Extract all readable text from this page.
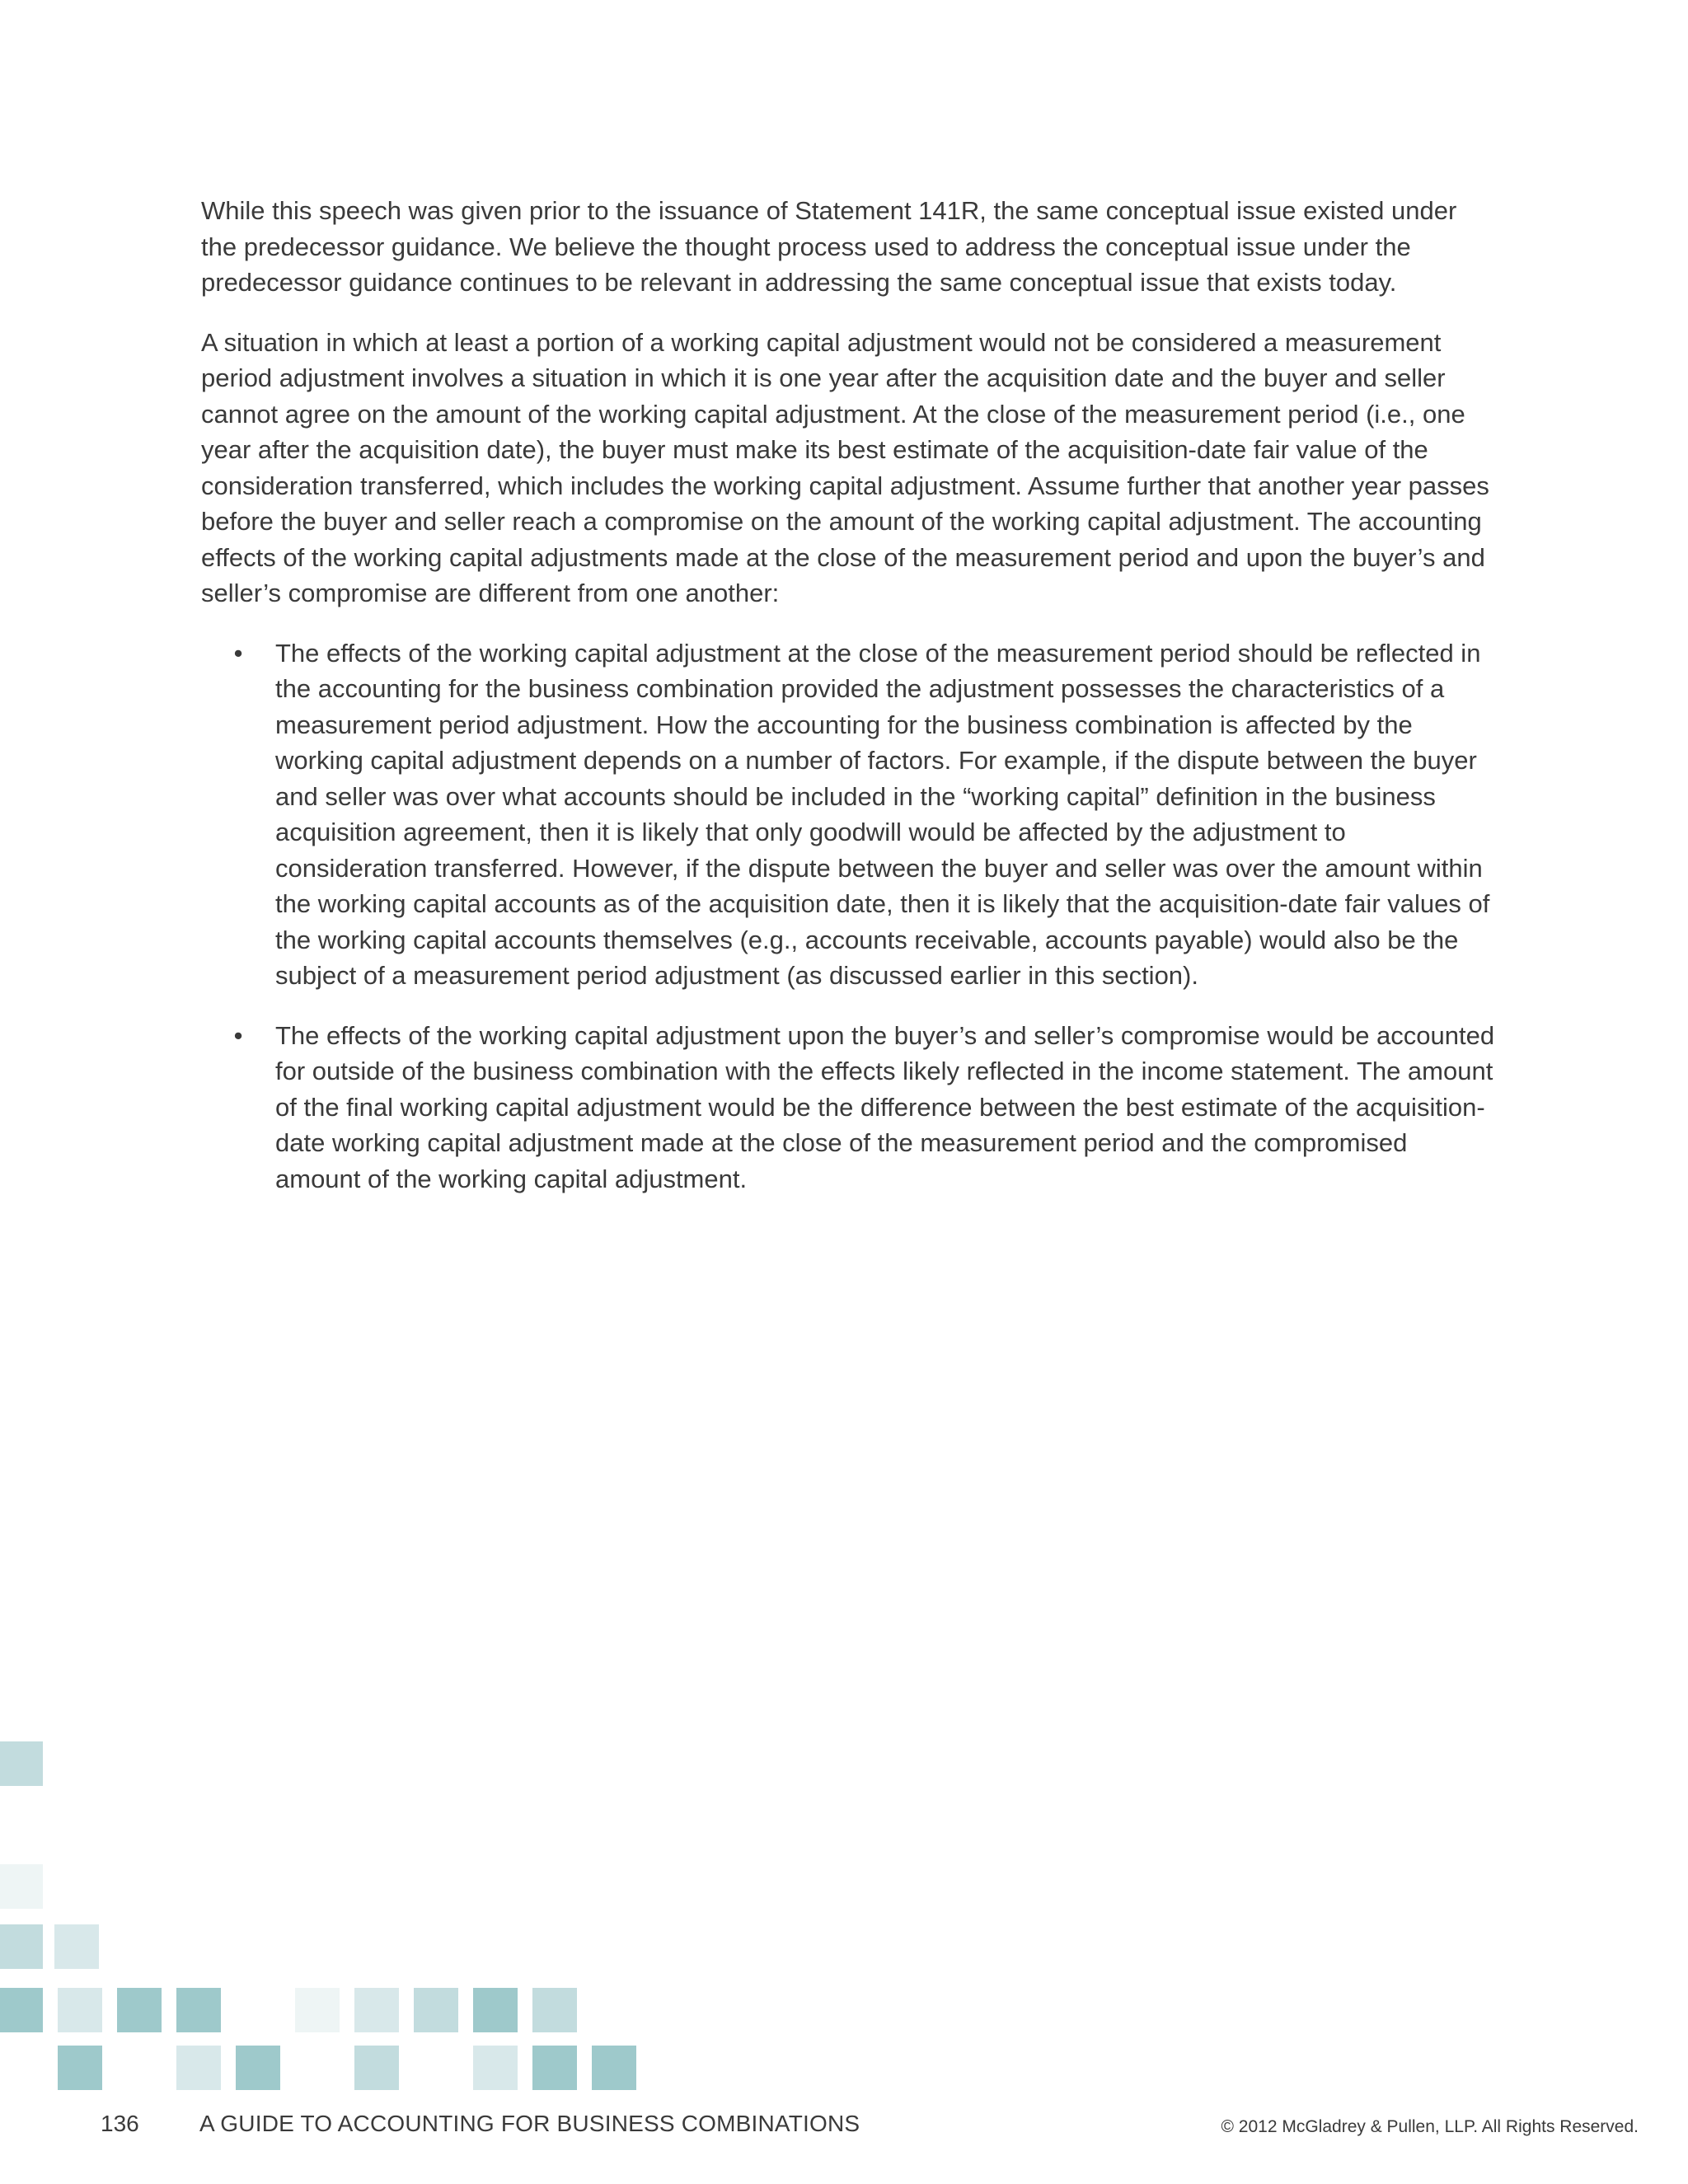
While this speech was given prior to the issuance of Statement 141R, the same conceptual issue existed under the predecessor guidance. We believe the thought process used to address the conceptual issue under the predecessor guidance continues to be relevant in addressing the same conceptual issue that exists today.

A situation in which at least a portion of a working capital adjustment would not be considered a measurement period adjustment involves a situation in which it is one year after the acquisition date and the buyer and seller cannot agree on the amount of the working capital adjustment. At the close of the measurement period (i.e., one year after the acquisition date), the buyer must make its best estimate of the acquisition-date fair value of the consideration transferred, which includes the working capital adjustment. Assume further that another year passes before the buyer and seller reach a compromise on the amount of the working capital adjustment. The accounting effects of the working capital adjustments made at the close of the measurement period and upon the buyer’s and seller’s compromise are different from one another:

•	The effects of the working capital adjustment at the close of the measurement period should be reflected in the accounting for the business combination provided the adjustment possesses the characteristics of a measurement period adjustment. How the accounting for the business combination is affected by the working capital adjustment depends on a number of factors. For example, if the dispute between the buyer and seller was over what accounts should be included in the “working capital” definition in the business acquisition agreement, then it is likely that only goodwill would be affected by the adjustment to consideration transferred. However, if the dispute between the buyer and seller was over the amount within the working capital accounts as of the acquisition date, then it is likely that the acquisition-date fair values of the working capital accounts themselves (e.g., accounts receivable, accounts payable) would also be the subject of a measurement period adjustment (as discussed earlier in this section).
•	The effects of the working capital adjustment upon the buyer’s and seller’s compromise would be accounted for outside of the business combination with the effects likely reflected in the income statement. The amount of the final working capital adjustment would be the difference between the best estimate of the acquisition-date working capital adjustment made at the close of the measurement period and the compromised amount of the working capital adjustment.
136	A GUIDE TO ACCOUNTING FOR BUSINESS COMBINATIONS	© 2012 McGladrey & Pullen, LLP. All Rights Reserved.
